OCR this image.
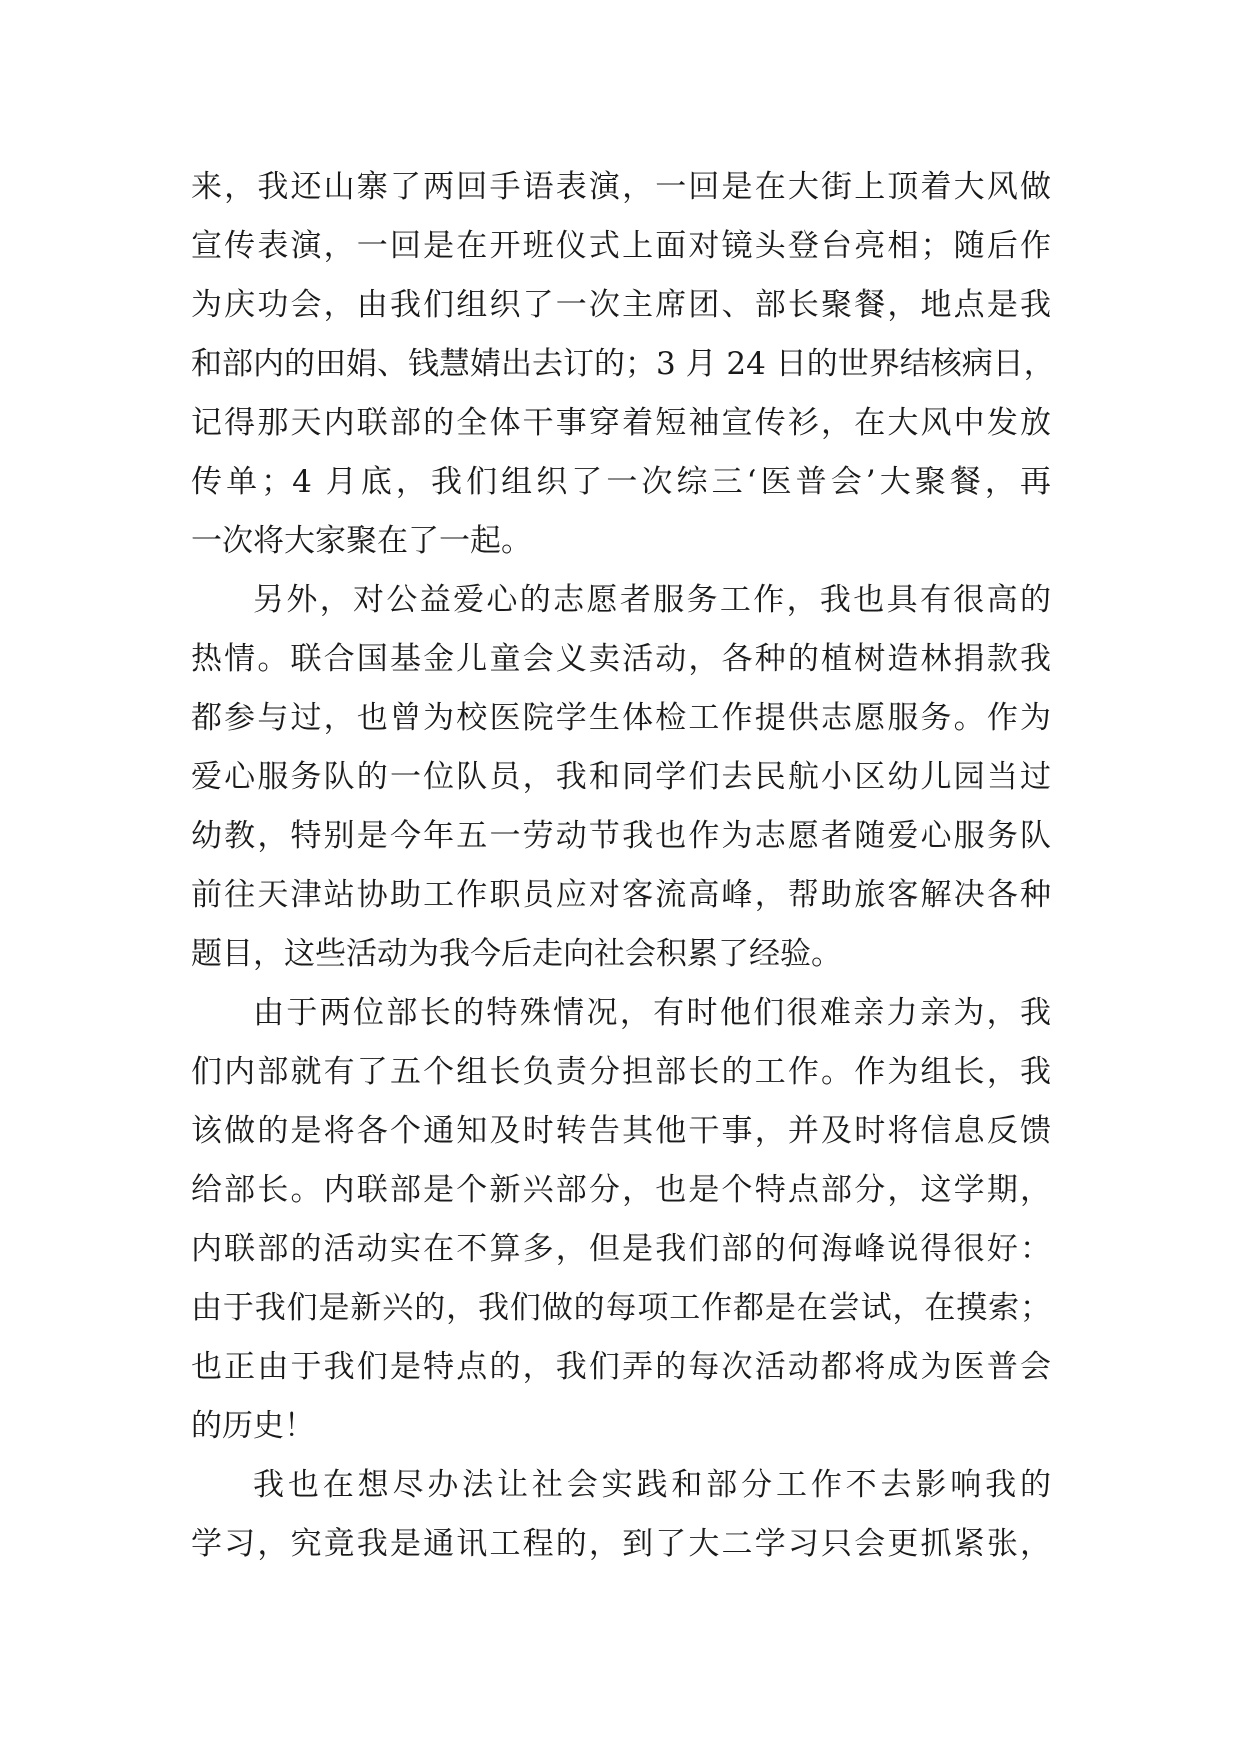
来，我还山寨了两回手语表演，一回是在大街上顶着大风做
宣传表演，一回是在开班仪式上面对镜头登台亮相；随后作
为庆功会，由我们组织了一次主席团、部长聚餐，地点是我
和部内的田娟、钱慧婧出去订的；3 月 24 日的世界结核病日，
记得那天内联部的全体干事穿着短袖宣传衫，在大风中发放
传单；4 月底，我们组织了一次综三‘医普会’大聚餐，再
一次将大家聚在了一起。
另外，对公益爱心的志愿者服务工作，我也具有很高的
热情。联合国基金儿童会义卖活动，各种的植树造林捐款我
都参与过，也曾为校医院学生体检工作提供志愿服务。作为
爱心服务队的一位队员，我和同学们去民航小区幼儿园当过
幼教，特别是今年五一劳动节我也作为志愿者随爱心服务队
前往天津站协助工作职员应对客流高峰，帮助旅客解决各种
题目，这些活动为我今后走向社会积累了经验。
由于两位部长的特殊情况，有时他们很难亲力亲为，我
们内部就有了五个组长负责分担部长的工作。作为组长，我
该做的是将各个通知及时转告其他干事，并及时将信息反馈
给部长。内联部是个新兴部分，也是个特点部分，这学期，
内联部的活动实在不算多，但是我们部的何海峰说得很好：
由于我们是新兴的，我们做的每项工作都是在尝试，在摸索；
也正由于我们是特点的，我们弄的每次活动都将成为医普会
的历史！
我也在想尽办法让社会实践和部分工作不去影响我的
学习，究竟我是通讯工程的，到了大二学习只会更抓紧张，
